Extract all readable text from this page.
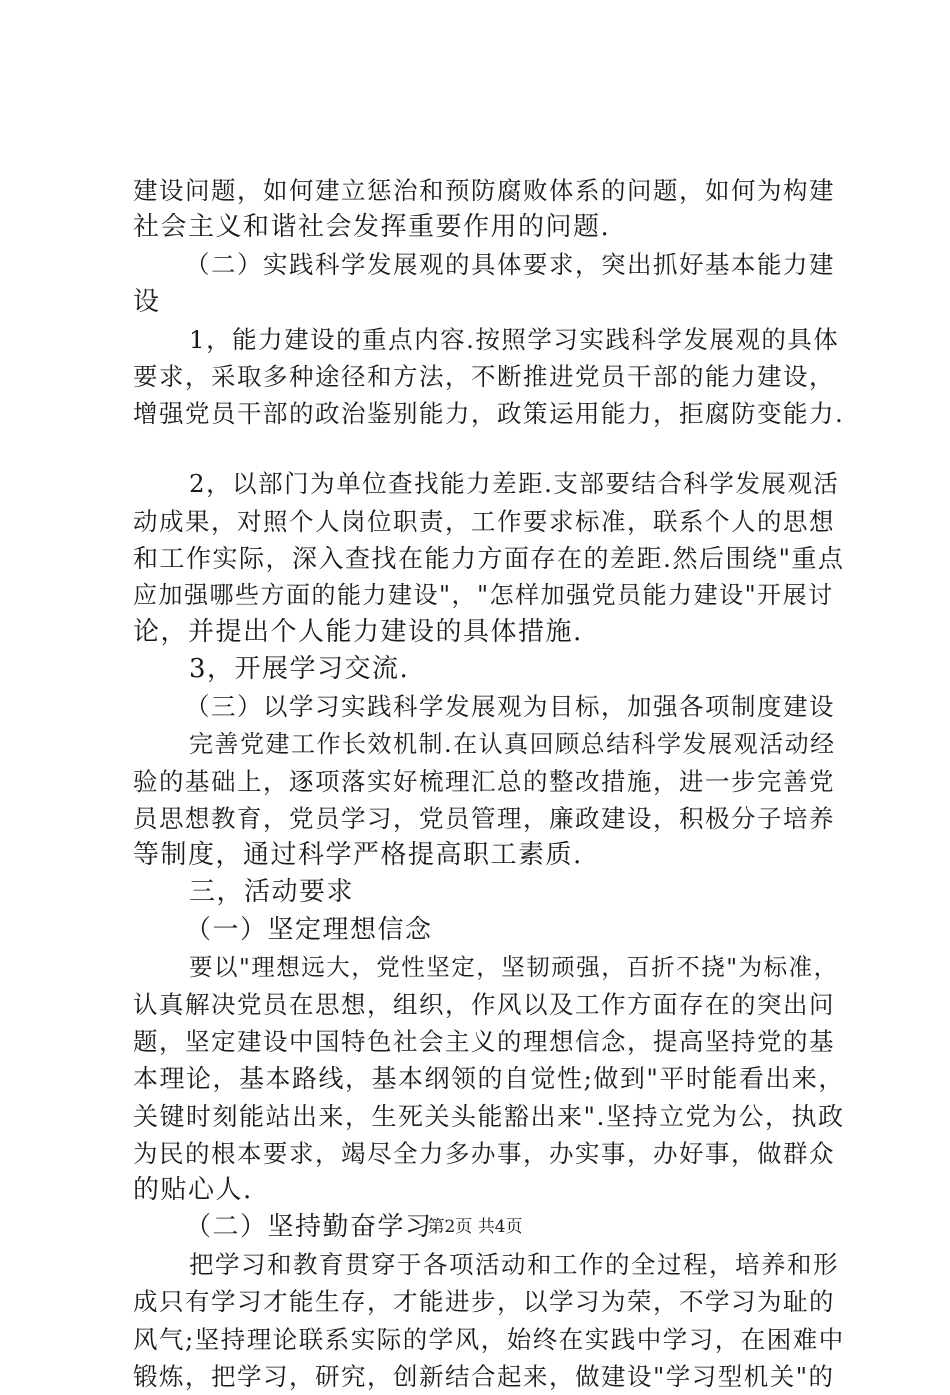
建设问题，如何建立惩治和预防腐败体系的问题，如何为构建
社会主义和谐社会发挥重要作用的问题.
（二）实践科学发展观的具体要求，突出抓好基本能力建
设
1，能力建设的重点内容.按照学习实践科学发展观的具体
要求，采取多种途径和方法，不断推进党员干部的能力建设，
增强党员干部的政治鉴别能力，政策运用能力，拒腐防变能力.
2，以部门为单位查找能力差距.支部要结合科学发展观活
动成果，对照个人岗位职责，工作要求标准，联系个人的思想
和工作实际，深入查找在能力方面存在的差距.然后围绕"重点
应加强哪些方面的能力建设"，"怎样加强党员能力建设"开展讨
论，并提出个人能力建设的具体措施.
3，开展学习交流.
（三）以学习实践科学发展观为目标，加强各项制度建设
完善党建工作长效机制.在认真回顾总结科学发展观活动经
验的基础上，逐项落实好梳理汇总的整改措施，进一步完善党
员思想教育，党员学习，党员管理，廉政建设，积极分子培养
等制度，通过科学严格提高职工素质.
三，活动要求
（一）坚定理想信念
要以"理想远大，党性坚定，坚韧顽强，百折不挠"为标准，
认真解决党员在思想，组织，作风以及工作方面存在的突出问
题，坚定建设中国特色社会主义的理想信念，提高坚持党的基
本理论，基本路线，基本纲领的自觉性;做到"平时能看出来，
关键时刻能站出来，生死关头能豁出来".坚持立党为公，执政
为民的根本要求，竭尽全力多办事，办实事，办好事，做群众
的贴心人.
（二）坚持勤奋学习
把学习和教育贯穿于各项活动和工作的全过程，培养和形
成只有学习才能生存，才能进步，以学习为荣，不学习为耻的
风气;坚持理论联系实际的学风，始终在实践中学习，在困难中
锻炼，把学习，研究，创新结合起来，做建设"学习型机关"的
第2页 共4页
